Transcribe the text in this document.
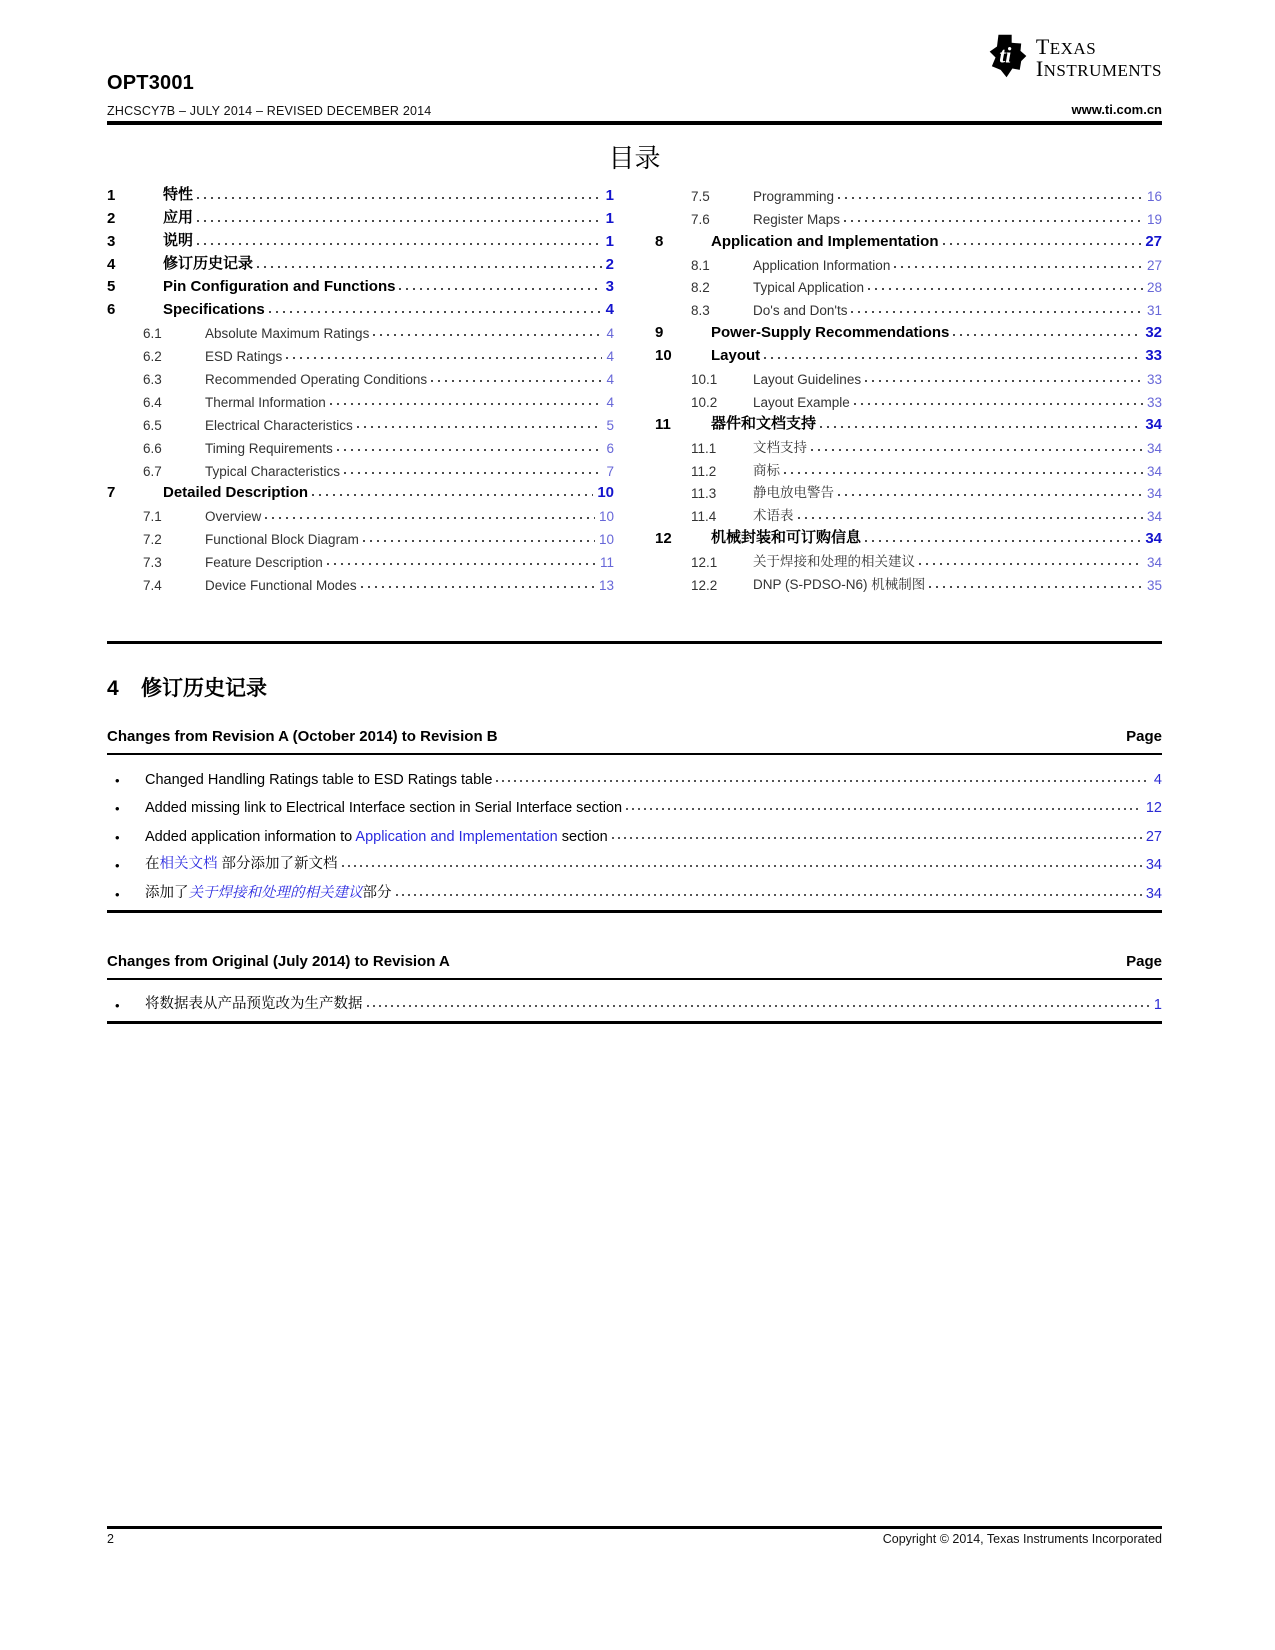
OPT3001
ZHCSCY7B – JULY 2014 – REVISED DECEMBER 2014
ti TEXAS
INSTRUMENTS
www.ti.com.cn
目录
1	特性	1
2	应用	1
3	说明	1
4	修订历史记录	2
5	Pin Configuration and Functions	3
6	Specifications	4
6.1	Absolute Maximum Ratings	4
6.2	ESD Ratings	4
6.3	Recommended Operating Conditions	4
6.4	Thermal Information	4
6.5	Electrical Characteristics	5
6.6	Timing Requirements	6
6.7	Typical Characteristics	7
7	Detailed Description	10
7.1	Overview	10
7.2	Functional Block Diagram	10
7.3	Feature Description	11
7.4	Device Functional Modes	13
7.5	Programming	16
7.6	Register Maps	19
8	Application and Implementation	27
8.1	Application Information	27
8.2	Typical Application	28
8.3	Do's and Don'ts	31
9	Power-Supply Recommendations	32
10	Layout	33
10.1	Layout Guidelines	33
10.2	Layout Example	33
11	器件和文档支持	34
11.1	文档支持	34
11.2	商标	34
11.3	静电放电警告	34
11.4	术语表	34
12	机械封装和可订购信息	34
12.1	关于焊接和处理的相关建议	34
12.2	DNP (S-PDSO-N6) 机械制图	35
4 修订历史记录
Changes from Revision A (October 2014) to Revision B	Page
•	Changed Handling Ratings table to ESD Ratings table	4
•	Added missing link to Electrical Interface section in Serial Interface section	12
•	Added application information to Application and Implementation section	27
•	在相关文档 部分添加了新文档	34
•	添加了关于焊接和处理的相关建议部分	34
Changes from Original (July 2014) to Revision A	Page
•	将数据表从产品预览改为生产数据	1
2	Copyright © 2014, Texas Instruments Incorporated
